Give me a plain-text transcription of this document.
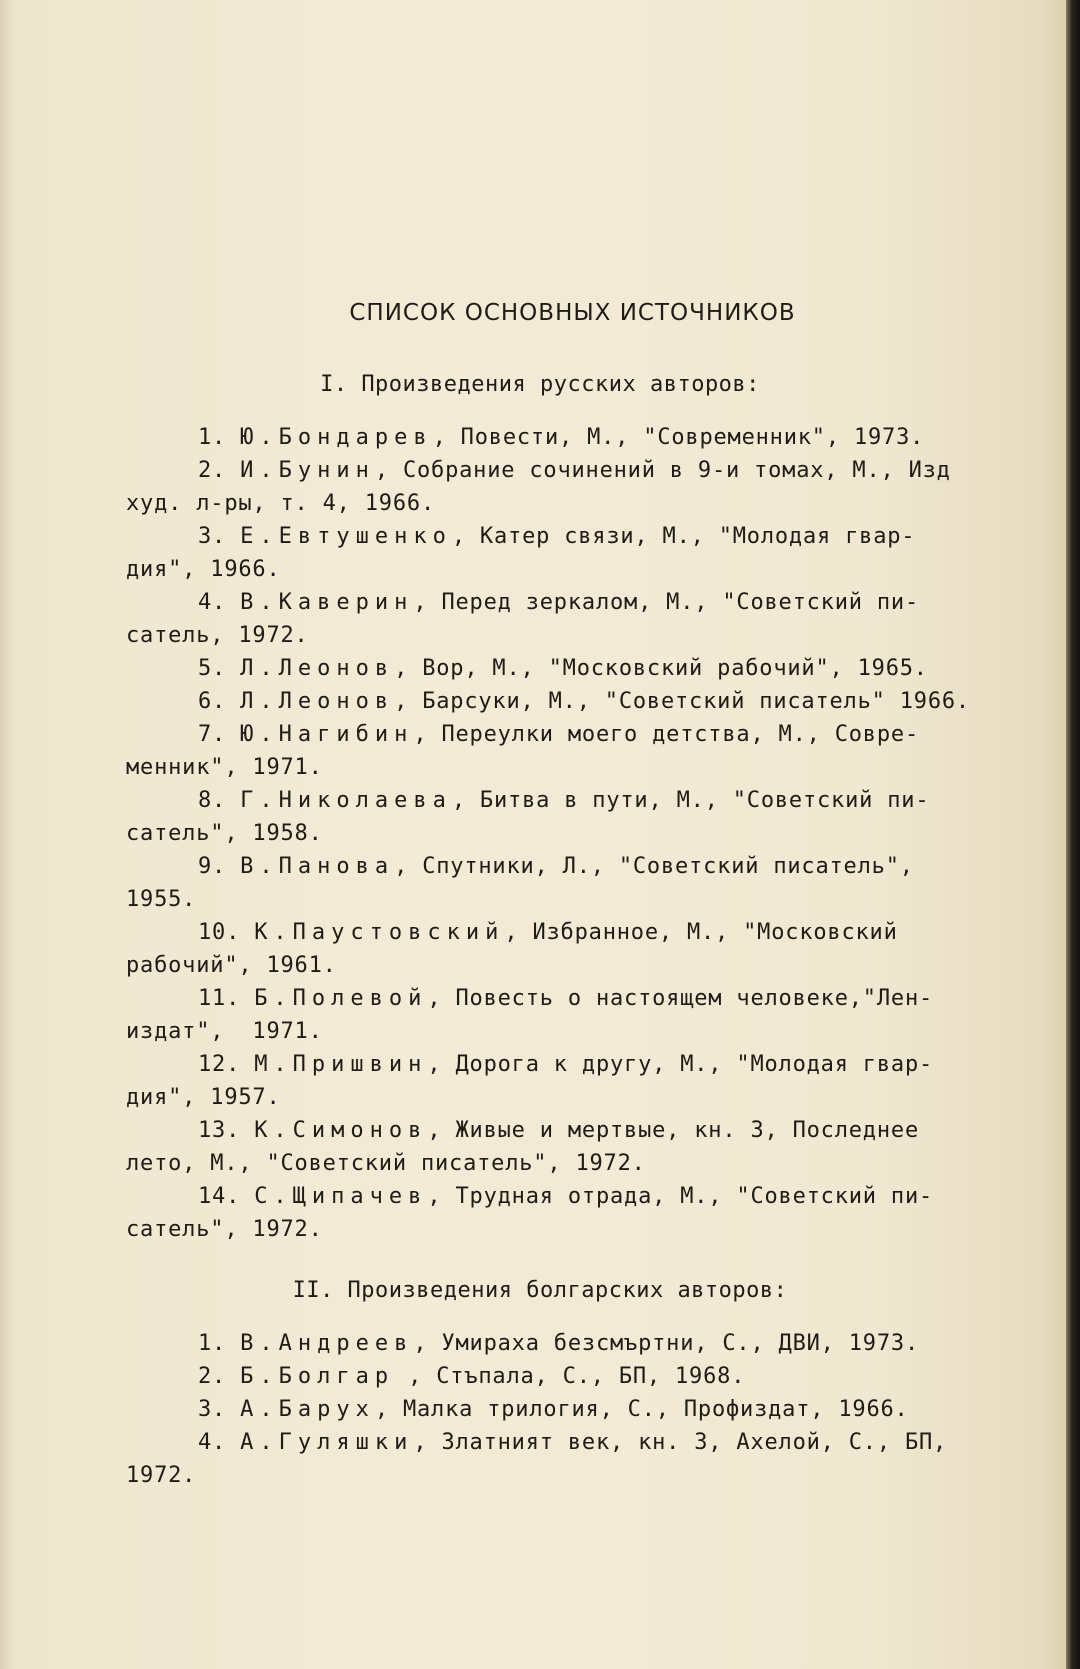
СПИСОК ОСНОВНЫХ ИСТОЧНИКОВ
I. Произведения русских авторов:
1. Ю.Бондарев, Повести, М., "Современник", 1973.
2. И.Бунин, Собрание сочинений в 9-и томах, М., Изд
худ. л-ры, т. 4, 1966.
3. Е.Евтушенко, Катер связи, М., "Молодая гвар-
дия", 1966.
4. В.Каверин, Перед зеркалом, М., "Советский пи-
сатель, 1972.
5. Л.Леонов, Вор, М., "Московский рабочий", 1965.
6. Л.Леонов, Барсуки, М., "Советский писатель" 1966.
7. Ю.Нагибин, Переулки моего детства, М., Совре-
менник", 1971.
8. Г.Николаева, Битва в пути, М., "Советский пи-
сатель", 1958.
9. В.Панова, Спутники, Л., "Советский писатель",
1955.
10. К.Паустовский, Избранное, М., "Московский
рабочий", 1961.
11. Б.Полевой, Повесть о настоящем человеке,"Лен-
издат",  1971.
12. М.Пришвин, Дорога к другу, М., "Молодая гвар-
дия", 1957.
13. К.Симонов, Живые и мертвые, кн. 3, Последнее
лето, М., "Советский писатель", 1972.
14. С.Щипачев, Трудная отрада, М., "Советский пи-
сатель", 1972.
II. Произведения болгарских авторов:
1. В.Андреев, Умираха безсмъртни, С., ДВИ, 1973.
2. Б.Болгар , Стъпала, С., БП, 1968.
3. А.Барух, Малка трилогия, С., Профиздат, 1966.
4. А.Гуляшки, Златният век, кн. 3, Ахелой, С., БП,
1972.
